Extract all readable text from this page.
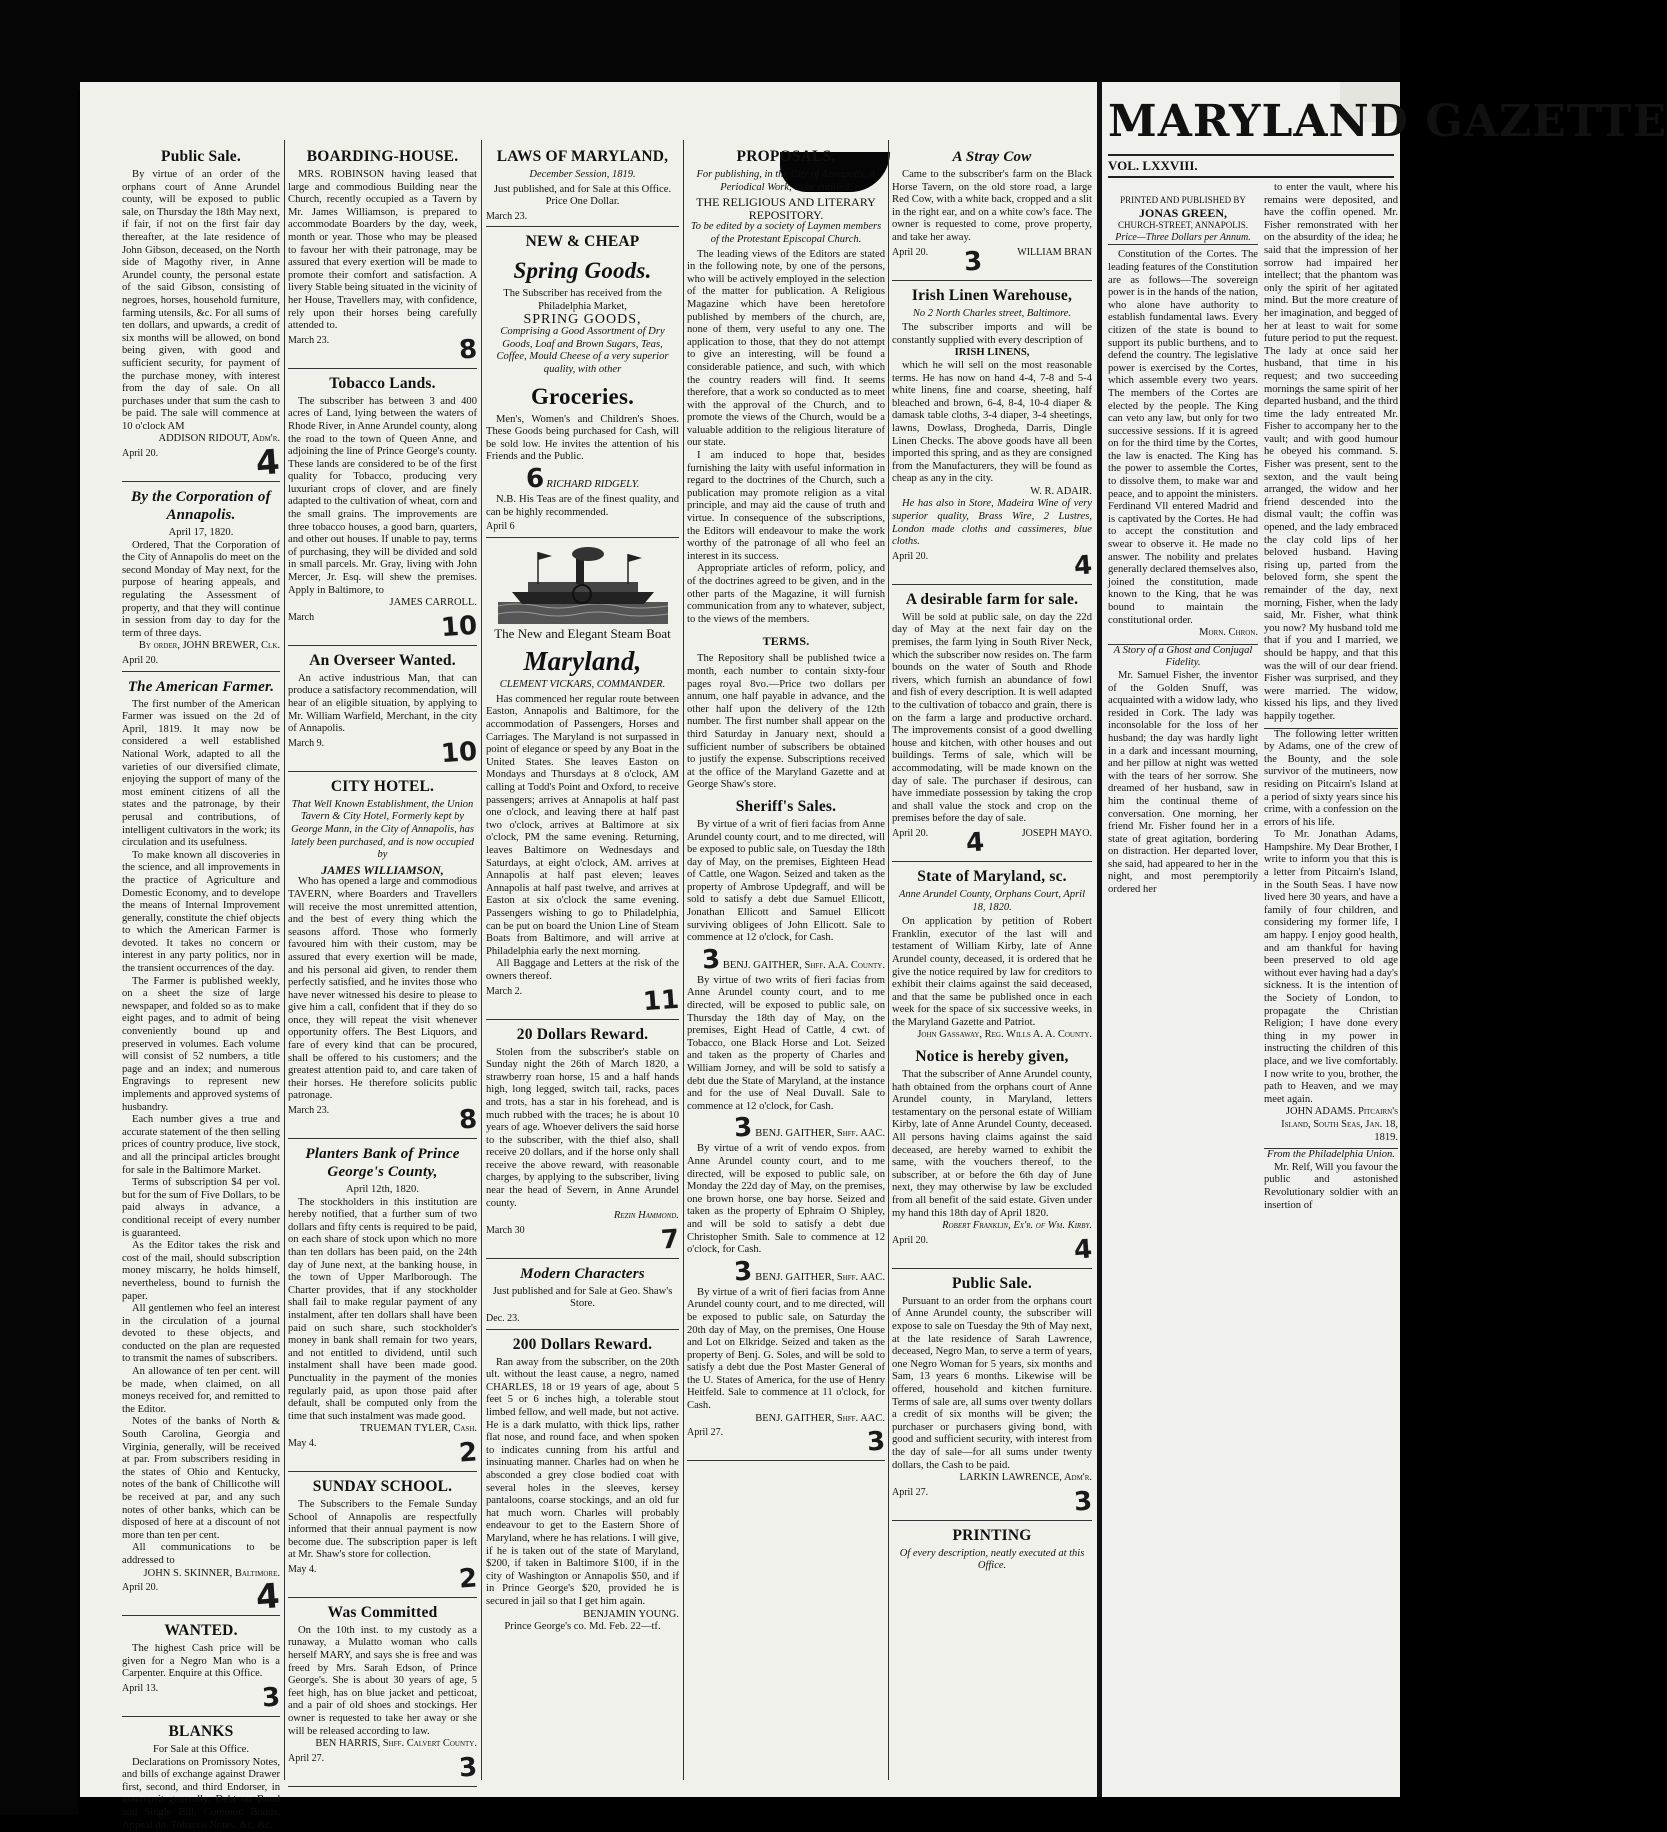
Public Sale.

By virtue of an order of the orphans court of Anne Arundel county, will be exposed to public sale, on Thursday the 18th May next, if fair, if not on the first fair day thereafter, at the late residence of John Gibson, deceased, on the North side of Magothy river, in Anne Arundel county, the personal estate of the said Gibson, consisting of negroes, horses, household furniture, farming utensils, &c. For all sums of ten dollars, and upwards, a credit of six months will be allowed, on bond being given, with good and sufficient security, for payment of the purchase money, with interest from the day of sale. On all purchases under that sum the cash to be paid. The sale will commence at 10 o'clock AM

ADDISON RIDOUT, Adm'r.

April 20.	4
By the Corporation of Annapolis.

April 17, 1820.

Ordered, That the Corporation of the City of Annapolis do meet on the second Monday of May next, for the purpose of hearing appeals, and regulating the Assessment of property, and that they will continue in session from day to day for the term of three days.

By order, JOHN BREWER, Clk.

April 20.
The American Farmer.

The first number of the American Farmer was issued on the 2d of April, 1819. It may now be considered a well established National Work, adapted to all the varieties of our diversified climate, enjoying the support of many of the most eminent citizens of all the states and the patronage, by their perusal and contributions, of intelligent cultivators in the work; its circulation and its usefulness.

To make known all discoveries in the science, and all improvements in the practice of Agriculture and Domestic Economy, and to develope the means of Internal Improvement generally, constitute the chief objects to which the American Farmer is devoted. It takes no concern or interest in any party politics, nor in the transient occurrences of the day.

The Farmer is published weekly, on a sheet the size of large newspaper, and folded so as to make eight pages, and to admit of being conveniently bound up and preserved in volumes. Each volume will consist of 52 numbers, a title page and an index; and numerous Engravings to represent new implements and approved systems of husbandry.

Each number gives a true and accurate statement of the then selling prices of country produce, live stock, and all the principal articles brought for sale in the Baltimore Market.

Terms of subscription $4 per vol. but for the sum of Five Dollars, to be paid always in advance, a conditional receipt of every number is guaranteed.

As the Editor takes the risk and cost of the mail, should subscription money miscarry, he holds himself, nevertheless, bound to furnish the paper.

All gentlemen who feel an interest in the circulation of a journal devoted to these objects, and conducted on the plan are requested to transmit the names of subscribers.

An allowance of ten per cent. will be made, when claimed, on all moneys received for, and remitted to the Editor.

Notes of the banks of North & South Carolina, Georgia and Virginia, generally, will be received at par. From subscribers residing in the states of Ohio and Kentucky, notes of the bank of Chillicothe will be received at par, and any such notes of other banks, which can be disposed of here at a discount of not more than ten per cent.

All communications to be addressed to

JOHN S. SKINNER, Baltimore.

April 20.	4
WANTED.

The highest Cash price will be given for a Negro Man who is a Carpenter. Enquire at this Office.

April 13.	3
BLANKS

For Sale at this Office.

Declarations on Promissory Notes, and bills of exchange against Drawer first, second, and third Endorser, in assumpsit generally. Debt on Bond and Single Bill, Common Bonds, Appeal do. Tobacco Notes, &c. &c.

BOARDING-HOUSE.

MRS. ROBINSON having leased that large and commodious Building near the Church, recently occupied as a Tavern by Mr. James Williamson, is prepared to accommodate Boarders by the day, week, month or year. Those who may be pleased to favour her with their patronage, may be assured that every exertion will be made to promote their comfort and satisfaction. A livery Stable being situated in the vicinity of her House, Travellers may, with confidence, rely upon their horses being carefully attended to.

March 23.	8
Tobacco Lands.

The subscriber has between 3 and 400 acres of Land, lying between the waters of Rhode River, in Anne Arundel county, along the road to the town of Queen Anne, and adjoining the line of Prince George's county. These lands are considered to be of the first quality for Tobacco, producing very luxuriant crops of clover, and are finely adapted to the cultivation of wheat, corn and the small grains. The improvements are three tobacco houses, a good barn, quarters, and other out houses. If unable to pay, terms of purchasing, they will be divided and sold in small parcels. Mr. Gray, living with John Mercer, Jr. Esq. will shew the premises. Apply in Baltimore, to

JAMES CARROLL.

March	10
An Overseer Wanted.

An active industrious Man, that can produce a satisfactory recommendation, will hear of an eligible situation, by applying to Mr. William Warfield, Merchant, in the city of Annapolis.

March 9.	10
CITY HOTEL.

That Well Known Establishment, the Union Tavern & City Hotel, Formerly kept by George Mann, in the City of Annapolis, has lately been purchased, and is now occupied by

JAMES WILLIAMSON,

Who has opened a large and commodious TAVERN, where Boarders and Travellers will receive the most unremitted attention, and the best of every thing which the seasons afford. Those who formerly favoured him with their custom, may be assured that every exertion will be made, and his personal aid given, to render them perfectly satisfied, and he invites those who have never witnessed his desire to please to give him a call, confident that if they do so once, they will repeat the visit whenever opportunity offers. The Best Liquors, and fare of every kind that can be procured, shall be offered to his customers; and the greatest attention paid to, and care taken of their horses. He therefore solicits public patronage.

March 23.	8
Planters Bank of Prince George's County,

April 12th, 1820.

The stockholders in this institution are hereby notified, that a further sum of two dollars and fifty cents is required to be paid, on each share of stock upon which no more than ten dollars has been paid, on the 24th day of June next, at the banking house, in the town of Upper Marlborough. The Charter provides, that if any stockholder shall fail to make regular payment of any instalment, after ten dollars shall have been paid on such share, such stockholder's money in bank shall remain for two years, and not entitled to dividend, until such instalment shall have been made good. Punctuality in the payment of the monies regularly paid, as upon those paid after default, shall be computed only from the time that such instalment was made good.

TRUEMAN TYLER, Cash.

May 4.	2
SUNDAY SCHOOL.

The Subscribers to the Female Sunday School of Annapolis are respectfully informed that their annual payment is now become due. The subscription paper is left at Mr. Shaw's store for collection.

May 4.	2
Was Committed

On the 10th inst. to my custody as a runaway, a Mulatto woman who calls herself MARY, and says she is free and was freed by Mrs. Sarah Edson, of Prince George's. She is about 30 years of age, 5 feet high, has on blue jacket and petticoat, and a pair of old shoes and stockings. Her owner is requested to take her away or she will be released according to law.

BEN HARRIS, Shff. Calvert County.

April 27.	3
LAWS OF MARYLAND,

December Session, 1819.

Just published, and for Sale at this Office. Price One Dollar.

March 23.
NEW & CHEAP
Spring Goods.

The Subscriber has received from the Philadelphia Market,

SPRING GOODS,

Comprising a Good Assortment of Dry Goods, Loaf and Brown Sugars, Teas, Coffee, Mould Cheese of a very superior quality, with other

Groceries.

Men's, Women's and Children's Shoes. These Goods being purchased for Cash, will be sold low. He invites the attention of his Friends and the Public.

6 RICHARD RIDGELY.

N.B. His Teas are of the finest quality, and can be highly recommended.

April 6

The New and Elegant Steam Boat

Maryland,

CLEMENT VICKARS, COMMANDER.

Has commenced her regular route between Easton, Annapolis and Baltimore, for the accommodation of Passengers, Horses and Carriages. The Maryland is not surpassed in point of elegance or speed by any Boat in the United States. She leaves Easton on Mondays and Thursdays at 8 o'clock, AM calling at Todd's Point and Oxford, to receive passengers; arrives at Annapolis at half past one o'clock, and leaving there at half past two o'clock, arrives at Baltimore at six o'clock, PM the same evening. Returning, leaves Baltimore on Wednesdays and Saturdays, at eight o'clock, AM. arrives at Annapolis at half past eleven; leaves Annapolis at half past twelve, and arrives at Easton at six o'clock the same evening. Passengers wishing to go to Philadelphia, can be put on board the Union Line of Steam Boats from Baltimore, and will arrive at Philadelphia early the next morning.

All Baggage and Letters at the risk of the owners thereof.

March 2.	11
20 Dollars Reward.

Stolen from the subscriber's stable on Sunday night the 26th of March 1820, a strawberry roan horse, 15 and a half hands high, long legged, switch tail, racks, paces and trots, has a star in his forehead, and is much rubbed with the traces; he is about 10 years of age. Whoever delivers the said horse to the subscriber, with the thief also, shall receive 20 dollars, and if the horse only shall receive the above reward, with reasonable charges, by applying to the subscriber, living near the head of Severn, in Anne Arundel county.

Rezin Hammond.

March 30	7
Modern Characters

Just published and for Sale at Geo. Shaw's Store.

Dec. 23.
200 Dollars Reward.

Ran away from the subscriber, on the 20th ult. without the least cause, a negro, named CHARLES, 18 or 19 years of age, about 5 feet 5 or 6 inches high, a tolerable stout limbed fellow, and well made, but not active. He is a dark mulatto, with thick lips, rather flat nose, and round face, and when spoken to indicates cunning from his artful and insinuating manner. Charles had on when he absconded a grey close bodied coat with several holes in the sleeves, kersey pantaloons, coarse stockings, and an old fur hat much worn. Charles will probably endeavour to get to the Eastern Shore of Maryland, where he has relations. I will give, if he is taken out of the state of Maryland, $200, if taken in Baltimore $100, if in the city of Washington or Annapolis $50, and if in Prince George's $20, provided he is secured in jail so that I get him again.

BENJAMIN YOUNG.

Prince George's co. Md. Feb. 22—tf.

PROPOSALS,

For publishing, in the City of Annapolis, A Periodical Work, to be entitled,

THE RELIGIOUS AND LITERARY REPOSITORY.

To be edited by a society of Laymen members of the Protestant Episcopal Church.

The leading views of the Editors are stated in the following note, by one of the persons, who will be actively employed in the selection of the matter for publication. A Religious Magazine which have been heretofore published by members of the church, are, none of them, very useful to any one. The application to those, that they do not attempt to give an interesting, will be found a considerable patience, and such, with which the country readers will find. It seems therefore, that a work so conducted as to meet with the approval of the Church, and to promote the views of the Church, would be a valuable addition to the religious literature of our state.

I am induced to hope that, besides furnishing the laity with useful information in regard to the doctrines of the Church, such a publication may promote religion as a vital principle, and may aid the cause of truth and virtue. In consequence of the subscriptions, the Editors will endeavour to make the work worthy of the patronage of all who feel an interest in its success.

Appropriate articles of reform, policy, and of the doctrines agreed to be given, and in the other parts of the Magazine, it will furnish communication from any to whatever, subject, to the views of the members.

TERMS.

The Repository shall be published twice a month, each number to contain sixty-four pages royal 8vo.—Price two dollars per annum, one half payable in advance, and the other half upon the delivery of the 12th number. The first number shall appear on the third Saturday in January next, should a sufficient number of subscribers be obtained to justify the expense. Subscriptions received at the office of the Maryland Gazette and at George Shaw's store.

Sheriff's Sales.

By virtue of a writ of fieri facias from Anne Arundel county court, and to me directed, will be exposed to public sale, on Tuesday the 18th day of May, on the premises, Eighteen Head of Cattle, one Wagon. Seized and taken as the property of Ambrose Updegraff, and will be sold to satisfy a debt due Samuel Ellicott, Jonathan Ellicott and Samuel Ellicott surviving obligees of John Ellicott. Sale to commence at 12 o'clock, for Cash.

3 BENJ. GAITHER, Shff. A.A. County.

By virtue of two writs of fieri facias from Anne Arundel county court, and to me directed, will be exposed to public sale, on Thursday the 18th day of May, on the premises, Eight Head of Cattle, 4 cwt. of Tobacco, one Black Horse and Lot. Seized and taken as the property of Charles and William Jorney, and will be sold to satisfy a debt due the State of Maryland, at the instance and for the use of Neal Duvall. Sale to commence at 12 o'clock, for Cash.

3 BENJ. GAITHER, Shff. AAC.

By virtue of a writ of vendo expos. from Anne Arundel county court, and to me directed, will be exposed to public sale, on Monday the 22d day of May, on the premises, one brown horse, one bay horse. Seized and taken as the property of Ephraim O Shipley, and will be sold to satisfy a debt due Christopher Smith. Sale to commence at 12 o'clock, for Cash.

3 BENJ. GAITHER, Shff. AAC.

By virtue of a writ of fieri facias from Anne Arundel county court, and to me directed, will be exposed to public sale, on Saturday the 20th day of May, on the premises, One House and Lot on Elkridge. Seized and taken as the property of Benj. G. Soles, and will be sold to satisfy a debt due the Post Master General of the U. States of America, for the use of Henry Heitfeld. Sale to commence at 11 o'clock, for Cash.

BENJ. GAITHER, Shff. AAC.

April 27.	3
A Stray Cow

Came to the subscriber's farm on the Black Horse Tavern, on the old store road, a large Red Cow, with a white back, cropped and a slit in the right ear, and on a white cow's face. The owner is requested to come, prove property, and take her away.

April 20. 3	WILLIAM BRAN
Irish Linen Warehouse,

No 2 North Charles street, Baltimore.

The subscriber imports and will be constantly supplied with every description of

IRISH LINENS,

which he will sell on the most reasonable terms. He has now on hand 4-4, 7-8 and 5-4 white linens, fine and coarse, sheeting, half bleached and brown, 6-4, 8-4, 10-4 diaper & damask table cloths, 3-4 diaper, 3-4 sheetings, lawns, Dowlass, Drogheda, Darris, Dingle Linen Checks. The above goods have all been imported this spring, and as they are consigned from the Manufacturers, they will be found as cheap as any in the city.

W. R. ADAIR.

He has also in Store, Madeira Wine of very superior quality, Brass Wire, 2 Lustres, London made cloths and cassimeres, blue cloths.

April 20.	4
A desirable farm for sale.

Will be sold at public sale, on day the 22d day of May at the next fair day on the premises, the farm lying in South River Neck, which the subscriber now resides on. The farm bounds on the water of South and Rhode rivers, which furnish an abundance of fowl and fish of every description. It is well adapted to the cultivation of tobacco and grain, there is on the farm a large and productive orchard. The improvements consist of a good dwelling house and kitchen, with other houses and out buildings. Terms of sale, which will be accommodating, will be made known on the day of sale. The purchaser if desirous, can have immediate possession by taking the crop and shall value the stock and crop on the premises before the day of sale.

April 20. 4	JOSEPH MAYO.
State of Maryland, sc.

Anne Arundel County, Orphans Court, April 18, 1820.

On application by petition of Robert Franklin, executor of the last will and testament of William Kirby, late of Anne Arundel county, deceased, it is ordered that he give the notice required by law for creditors to exhibit their claims against the said deceased, and that the same be published once in each week for the space of six successive weeks, in the Maryland Gazette and Patriot.

John Gassaway, Reg. Wills A. A. County.

Notice is hereby given,

That the subscriber of Anne Arundel county, hath obtained from the orphans court of Anne Arundel county, in Maryland, letters testamentary on the personal estate of William Kirby, late of Anne Arundel County, deceased. All persons having claims against the said deceased, are hereby warned to exhibit the same, with the vouchers thereof, to the subscriber, at or before the 6th day of June next, they may otherwise by law be excluded from all benefit of the said estate. Given under my hand this 18th day of April 1820.

Robert Franklin, Ex'r. of Wm. Kirby.

April 20.	4
Public Sale.

Pursuant to an order from the orphans court of Anne Arundel county, the subscriber will expose to sale on Tuesday the 9th of May next, at the late residence of Sarah Lawrence, deceased, Negro Man, to serve a term of years, one Negro Woman for 5 years, six months and Sam, 13 years 6 months. Likewise will be offered, household and kitchen furniture. Terms of sale are, all sums over twenty dollars a credit of six months will be given; the purchaser or purchasers giving bond, with good and sufficient security, with interest from the day of sale—for all sums under twenty dollars, the Cash to be paid.

LARKIN LAWRENCE, Adm'r.

April 27.	3
PRINTING

Of every description, neatly executed at this Office.

MARYLAND GAZETTE
VOL. LXXVIII.

PRINTED AND PUBLISHED BY

JONAS GREEN,

CHURCH-STREET, ANNAPOLIS.

Price—Three Dollars per Annum.

Constitution of the Cortes. The leading features of the Constitution are as follows—The sovereign power is in the hands of the nation, who alone have authority to establish fundamental laws. Every citizen of the state is bound to support its public burthens, and to defend the country. The legislative power is exercised by the Cortes, which assemble every two years. The members of the Cortes are elected by the people. The King can veto any law, but only for two successive sessions. If it is agreed on for the third time by the Cortes, the law is enacted. The King has the power to assemble the Cortes, to dissolve them, to make war and peace, and to appoint the ministers. Ferdinand Vll entered Madrid and is captivated by the Cortes. He had to accept the constitution and swear to observe it. He made no answer. The nobility and prelates generally declared themselves also, joined the constitution, made known to the King, that he was bound to maintain the constitutional order.

Morn. Chron.

A Story of a Ghost and Conjugal Fidelity.

Mr. Samuel Fisher, the inventor of the Golden Snuff, was acquainted with a widow lady, who resided in Cork. The lady was inconsolable for the loss of her husband; the day was hardly light in a dark and incessant mourning, and her pillow at night was wetted with the tears of her sorrow. She dreamed of her husband, saw in him the continual theme of conversation. One morning, her friend Mr. Fisher found her in a state of great agitation, bordering on distraction. Her departed lover, she said, had appeared to her in the night, and most peremptorily ordered her

to enter the vault, where his remains were deposited, and have the coffin opened. Mr. Fisher remonstrated with her on the absurdity of the idea; he said that the impression of her sorrow had impaired her intellect; that the phantom was only the spirit of her agitated mind. But the more creature of her imagination, and begged of her at least to wait for some future period to put the request. The lady at once said her husband, that time in his request; and two succeeding mornings the same spirit of her departed husband, and the third time the lady entreated Mr. Fisher to accompany her to the vault; and with good humour he obeyed his command. S. Fisher was present, sent to the sexton, and the vault being arranged, the widow and her friend descended into the dismal vault; the coffin was opened, and the lady embraced the clay cold lips of her beloved husband. Having rising up, parted from the beloved form, she spent the remainder of the day, next morning, Fisher, when the lady said, Mr. Fisher, what think you now? My husband told me that if you and I married, we should be happy, and that this was the will of our dear friend. Fisher was surprised, and they were married. The widow, kissed his lips, and they lived happily together.

The following letter written by Adams, one of the crew of the Bounty, and the sole survivor of the mutineers, now residing on Pitcairn's Island at a period of sixty years since his crime, with a confession on the errors of his life.

To Mr. Jonathan Adams, Hampshire. My Dear Brother, I write to inform you that this is a letter from Pitcairn's Island, in the South Seas. I have now lived here 30 years, and have a family of four children, and considering my former life, I am happy. I enjoy good health, and am thankful for having been preserved to old age without ever having had a day's sickness. It is the intention of the Society of London, to propagate the Christian Religion; I have done every thing in my power in instructing the children of this place, and we live comfortably. I now write to you, brother, the path to Heaven, and we may meet again.

JOHN ADAMS. Pitcairn's Island, South Seas, Jan. 18, 1819.

From the Philadelphia Union.

Mr. Relf, Will you favour the public and astonished Revolutionary soldier with an insertion of
